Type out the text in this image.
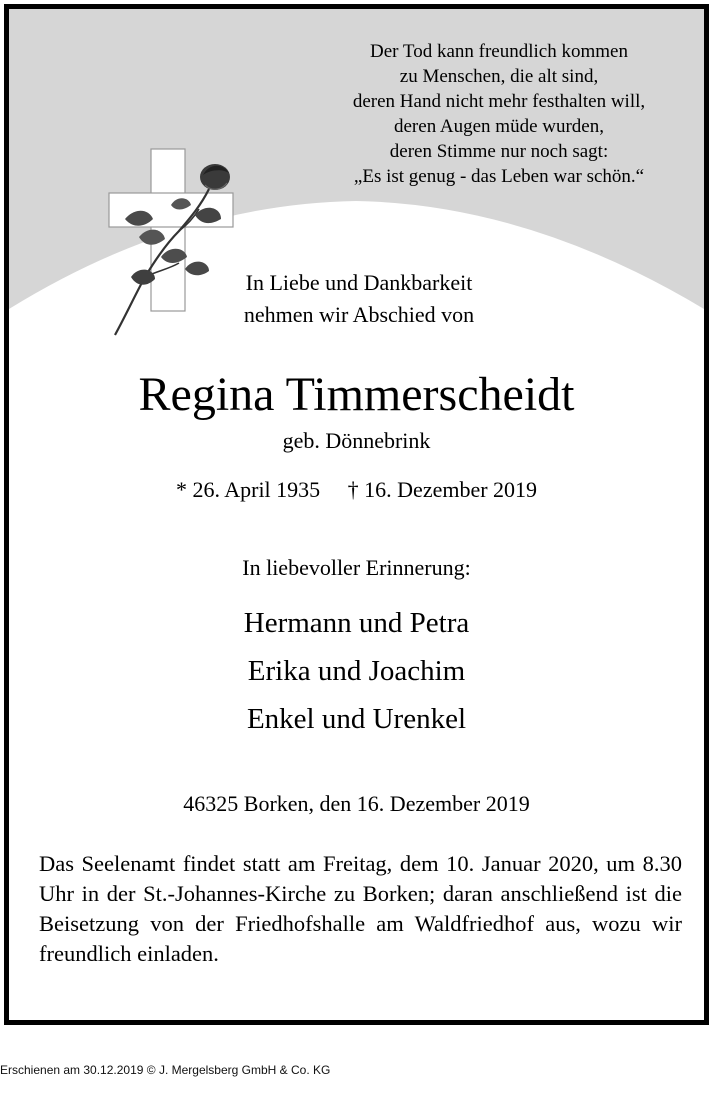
Der Tod kann freundlich kommen
zu Menschen, die alt sind,
deren Hand nicht mehr festhalten will,
deren Augen müde wurden,
deren Stimme nur noch sagt:
„Es ist genug - das Leben war schön.“
In Liebe und Dankbarkeit
nehmen wir Abschied von
Regina Timmerscheidt
geb. Dönnebrink
* 26. April 1935 † 16. Dezember 2019
In liebevoller Erinnerung:
Hermann und Petra
Erika und Joachim
Enkel und Urenkel
46325 Borken, den 16. Dezember 2019
Das Seelenamt findet statt am Freitag, dem 10. Januar 2020, um 8.30 Uhr in der St.-Johannes-Kirche zu Borken; daran anschließend ist die Beisetzung von der Friedhofshalle am Waldfriedhof aus, wozu wir freundlich einladen.
Erschienen am 30.12.2019 © J. Mergelsberg GmbH & Co. KG
